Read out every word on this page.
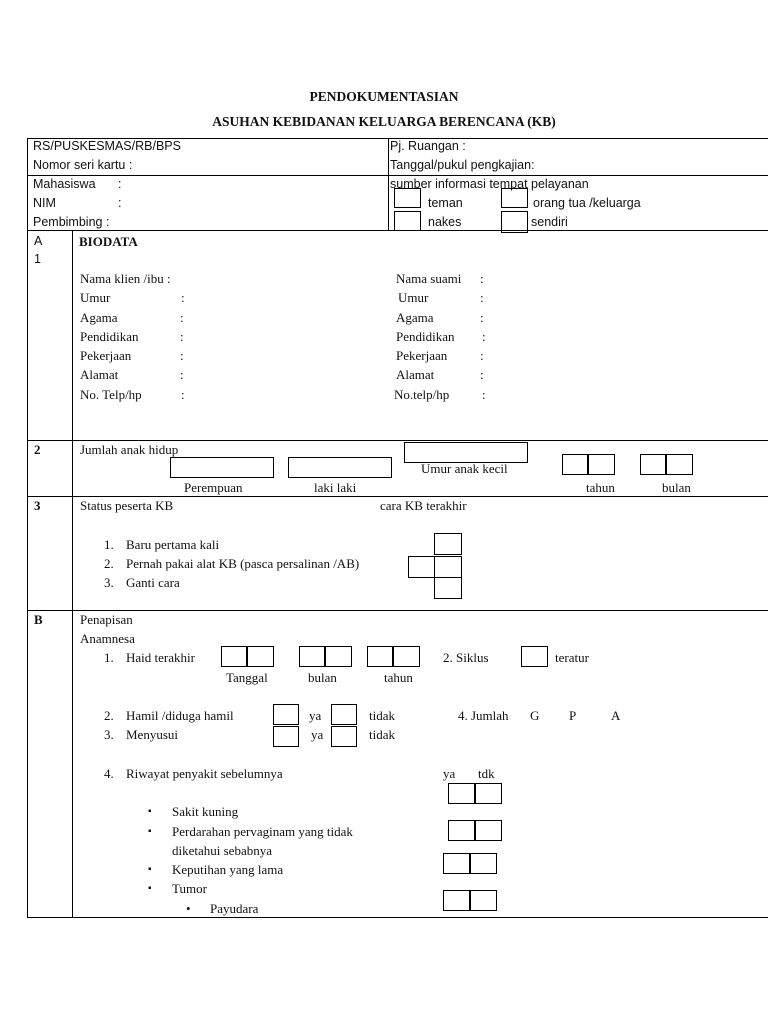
PENDOKUMENTASIAN
ASUHAN KEBIDANAN KELUARGA BERENCANA (KB)
RS/PUSKESMAS/RB/BPS
Nomor seri kartu :
Pj. Ruangan :
Tanggal/pukul pengkajian:
Mahasiswa :
NIM	:
Pembimbing :
sumber informasi tempat pelayanan
teman	orang tua /keluarga
nakes	sendiri
A
1
BIODATA
Nama klien /ibu :
Umur	:
Agama	:
Pendidikan	:
Pekerjaan	:
Alamat	:
No. Telp/hp	:
Nama suami :
Umur	:
Agama	:
Pendidikan :
Pekerjaan	:
Alamat	:
No.telp/hp	:
2	Jumlah anak hidup
Umur anak kecil
Perempuan	laki laki	tahun	bulan
3	Status peserta KB	cara KB terakhir
1. Baru pertama kali
2. Pernah pakai alat KB (pasca persalinan /AB)
3. Ganti cara
B	Penapisan
Anamnesa
1. Haid terakhir	2. Siklus	teratur
Tanggal	bulan	tahun
2. Hamil /diduga hamil	ya	tidak	4. Jumlah G P	A
3. Menyusui	ya	tidak
4. Riwayat penyakit sebelumnya	ya tdk
▪ Sakit kuning
▪ Perdarahan pervaginam yang tidak
diketahui sebabnya
▪ Keputihan yang lama
▪ Tumor
• Payudara
